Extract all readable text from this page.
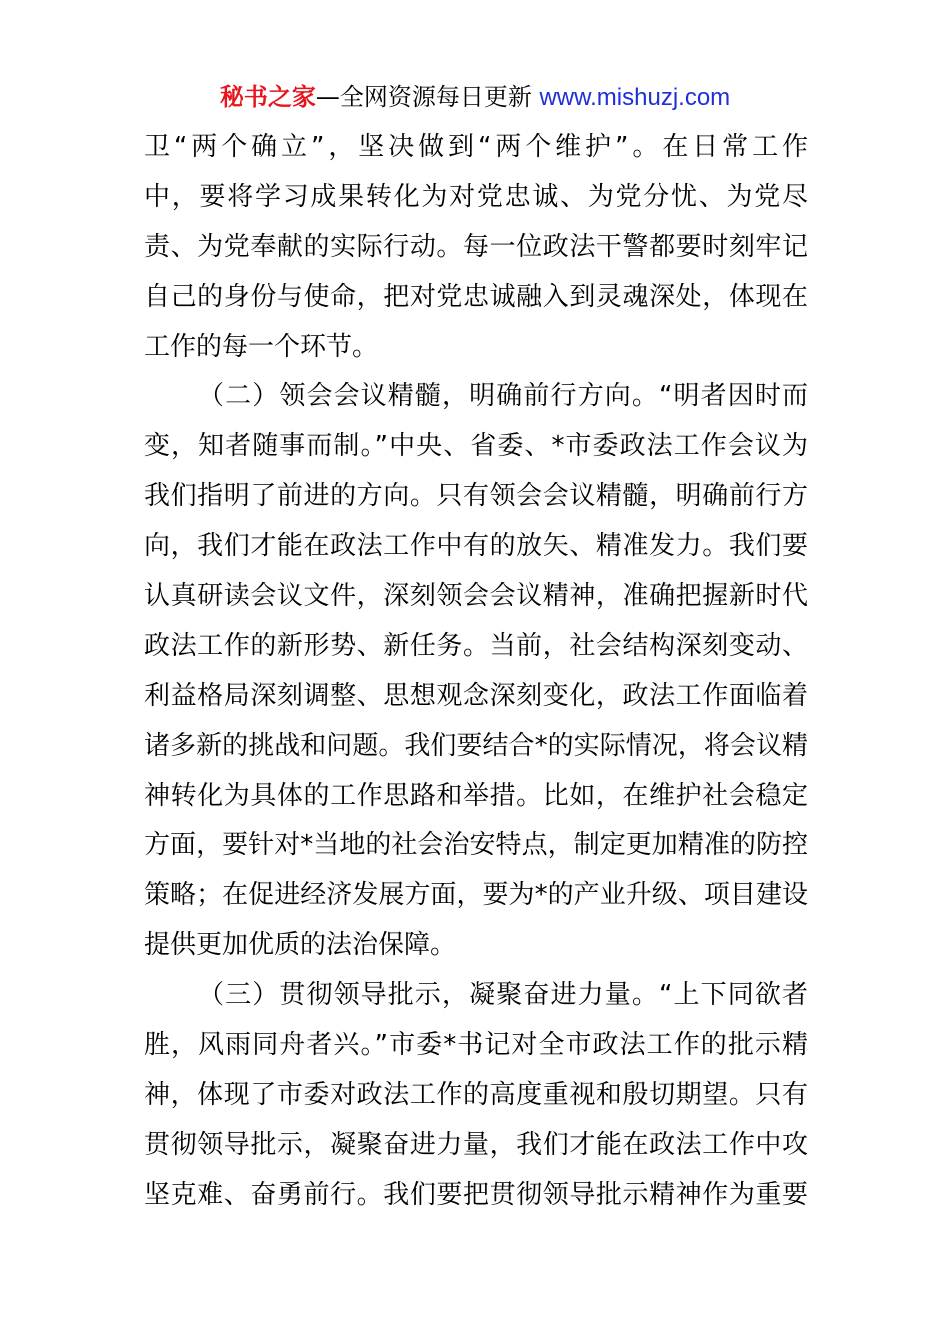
秘书之家—全网资源每日更新 www.mishuzj.com
卫“两个确立”，坚决做到“两个维护”。在日常工作
中，要将学习成果转化为对党忠诚、为党分忧、为党尽
责、为党奉献的实际行动。每一位政法干警都要时刻牢记
自己的身份与使命，把对党忠诚融入到灵魂深处，体现在
工作的每一个环节。
（二）领会会议精髓，明确前行方向。“明者因时而
变，知者随事而制。”中央、省委、*市委政法工作会议为
我们指明了前进的方向。只有领会会议精髓，明确前行方
向，我们才能在政法工作中有的放矢、精准发力。我们要
认真研读会议文件，深刻领会会议精神，准确把握新时代
政法工作的新形势、新任务。当前，社会结构深刻变动、
利益格局深刻调整、思想观念深刻变化，政法工作面临着
诸多新的挑战和问题。我们要结合*的实际情况，将会议精
神转化为具体的工作思路和举措。比如，在维护社会稳定
方面，要针对*当地的社会治安特点，制定更加精准的防控
策略；在促进经济发展方面，要为*的产业升级、项目建设
提供更加优质的法治保障。
（三）贯彻领导批示，凝聚奋进力量。“上下同欲者
胜，风雨同舟者兴。”市委*书记对全市政法工作的批示精
神，体现了市委对政法工作的高度重视和殷切期望。只有
贯彻领导批示，凝聚奋进力量，我们才能在政法工作中攻
坚克难、奋勇前行。我们要把贯彻领导批示精神作为重要
